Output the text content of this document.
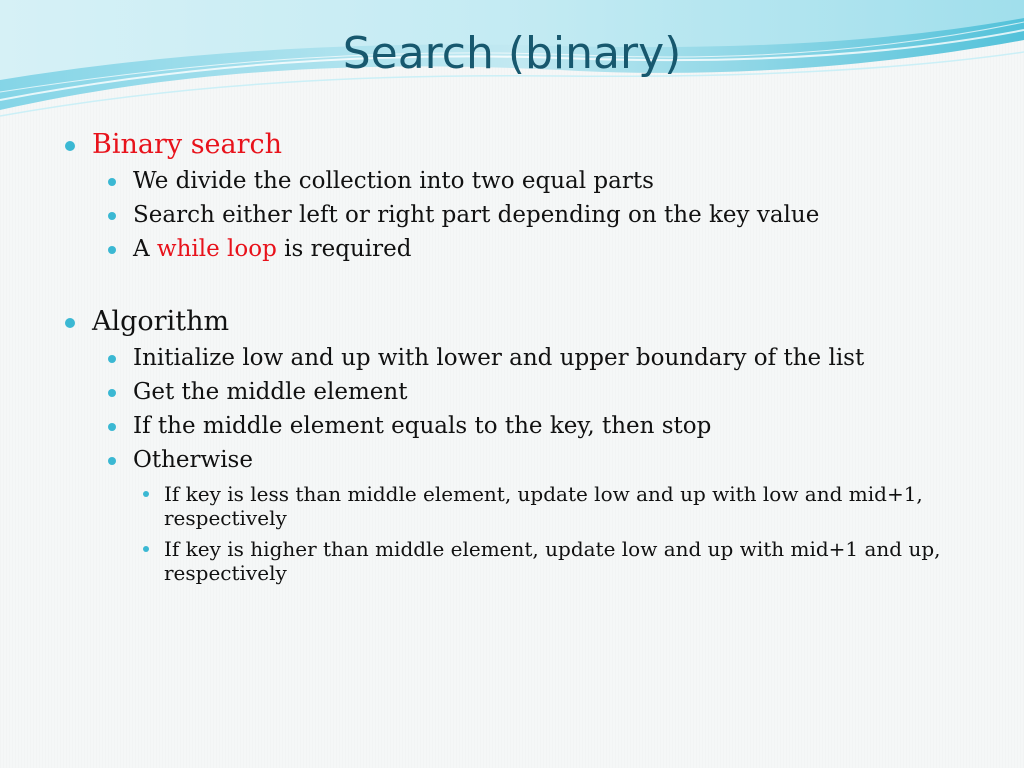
Search (binary)
Binary search
We divide the collection into two equal parts
Search either left or right part depending on the key value
A while loop is required
Algorithm
Initialize low and up with lower and upper boundary of the list
Get the middle element
If the middle element equals to the key, then stop
Otherwise
If key is less than middle element, update low and up with low and mid+1, respectively
If key is higher than middle element, update low and up with mid+1 and up, respectively
